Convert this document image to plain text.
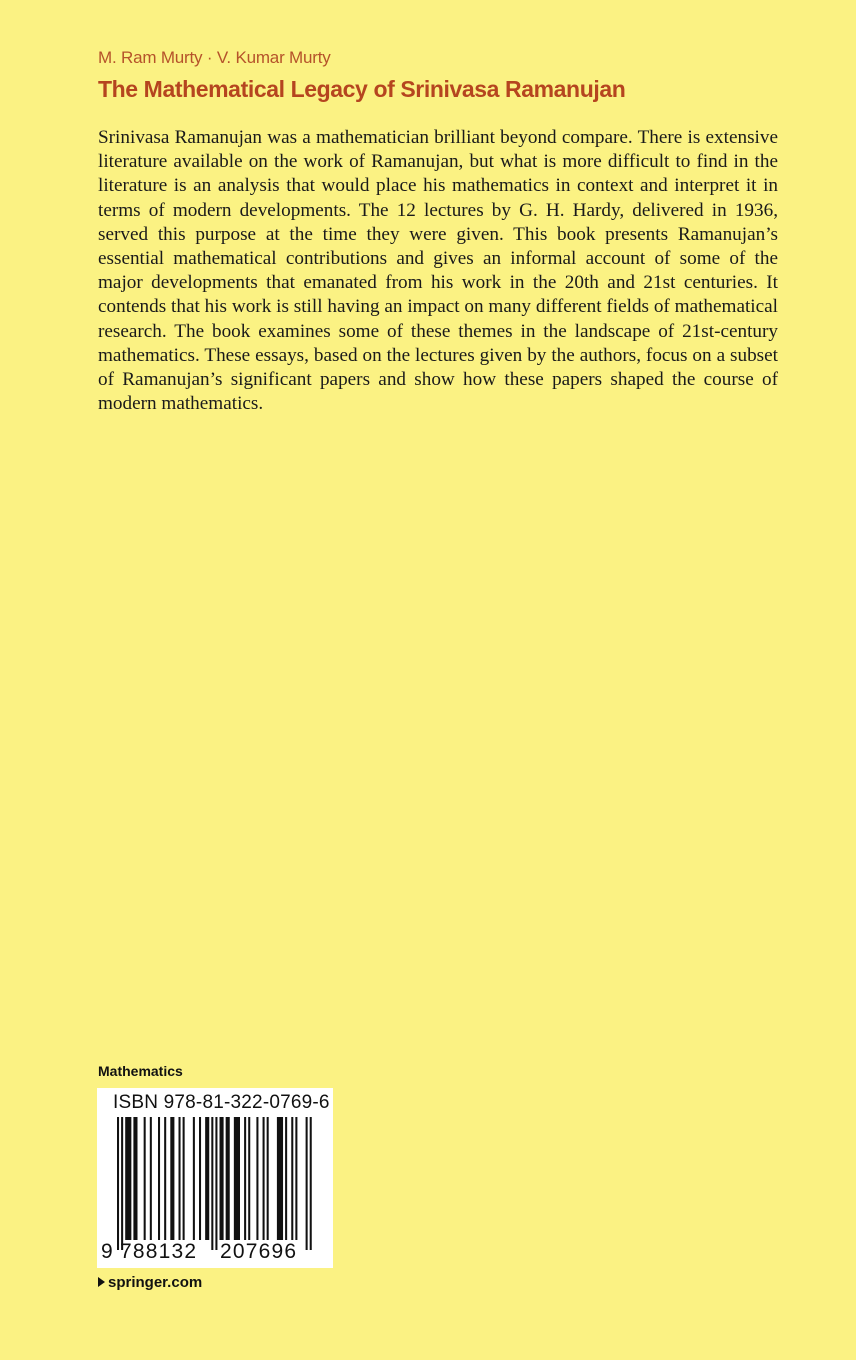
M. Ram Murty · V. Kumar Murty
The Mathematical Legacy of Srinivasa Ramanujan

Srinivasa Ramanujan was a mathematician brilliant beyond compare. There is extensive literature available on the work of Ramanujan, but what is more difficult to find in the literature is an analysis that would place his mathematics in context and interpret it in terms of modern developments. The 12 lectures by G. H. Hardy, delivered in 1936, served this purpose at the time they were given. This book presents Ramanujan’s essential mathematical contributions and gives an informal account of some of the major developments that emanated from his work in the 20th and 21st centuries. It contends that his work is still having an impact on many different fields of mathematical research. The book examines some of these themes in the landscape of 21st-century mathematics. These essays, based on the lectures given by the authors, focus on a subset of Ramanujan’s significant papers and show how these papers shaped the course of modern mathematics.

Mathematics
ISBN 978-81-322-0769-6
9 788132 207696
springer.com
